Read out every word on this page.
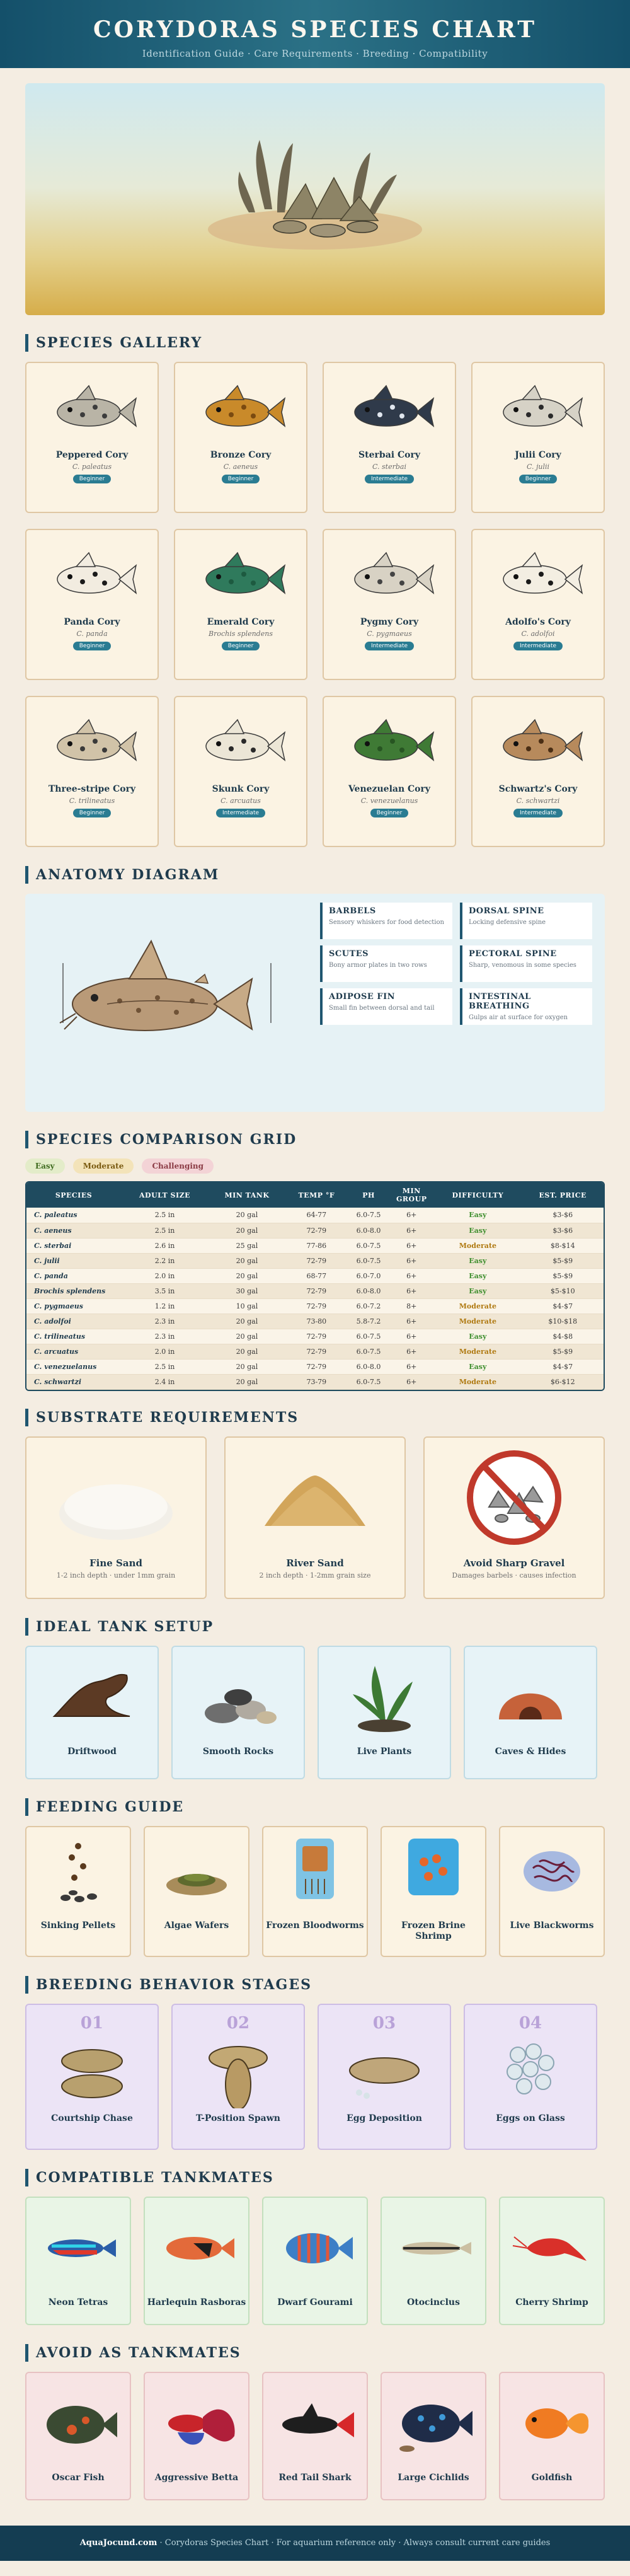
CORYDORAS SPECIES CHART
Identification Guide · Care Requirements · Breeding · Compatibility
SPECIES GALLERY
Peppered Cory
C. paleatus
Beginner
Bronze Cory
C. aeneus
Beginner
Sterbai Cory
C. sterbai
Intermediate
Julii Cory
C. julii
Beginner
Panda Cory
C. panda
Beginner
Emerald Cory
Brochis splendens
Beginner
Pygmy Cory
C. pygmaeus
Intermediate
Adolfo's Cory
C. adolfoi
Intermediate
Three-stripe Cory
C. trilineatus
Beginner
Skunk Cory
C. arcuatus
Intermediate
Venezuelan Cory
C. venezuelanus
Beginner
Schwartz's Cory
C. schwartzi
Intermediate
ANATOMY DIAGRAM
BARBELS
Sensory whiskers for food detection
DORSAL SPINE
Locking defensive spine
SCUTES
Bony armor plates in two rows
PECTORAL SPINE
Sharp, venomous in some species
ADIPOSE FIN
Small fin between dorsal and tail
INTESTINAL BREATHING
Gulps air at surface for oxygen
SPECIES COMPARISON GRID
Easy	Moderate	Challenging
SPECIES	ADULT SIZE	MIN TANK	TEMP °F	PH	MIN GROUP	DIFFICULTY	EST. PRICE
C. paleatus	2.5 in	20 gal	64-77	6.0-7.5	6+	Easy	$3-$6
C. aeneus	2.5 in	20 gal	72-79	6.0-8.0	6+	Easy	$3-$6
C. sterbai	2.6 in	25 gal	77-86	6.0-7.5	6+	Moderate	$8-$14
C. julii	2.2 in	20 gal	72-79	6.0-7.5	6+	Easy	$5-$9
C. panda	2.0 in	20 gal	68-77	6.0-7.0	6+	Easy	$5-$9
Brochis splendens	3.5 in	30 gal	72-79	6.0-8.0	6+	Easy	$5-$10
C. pygmaeus	1.2 in	10 gal	72-79	6.0-7.2	8+	Moderate	$4-$7
C. adolfoi	2.3 in	20 gal	73-80	5.8-7.2	6+	Moderate	$10-$18
C. trilineatus	2.3 in	20 gal	72-79	6.0-7.5	6+	Easy	$4-$8
C. arcuatus	2.0 in	20 gal	72-79	6.0-7.5	6+	Moderate	$5-$9
C. venezuelanus	2.5 in	20 gal	72-79	6.0-8.0	6+	Easy	$4-$7
C. schwartzi	2.4 in	20 gal	73-79	6.0-7.5	6+	Moderate	$6-$12
SUBSTRATE REQUIREMENTS
Fine Sand
1-2 inch depth · under 1mm grain
River Sand
2 inch depth · 1-2mm grain size
Avoid Sharp Gravel
Damages barbels · causes infection
IDEAL TANK SETUP
Driftwood	Smooth Rocks	Live Plants	Caves & Hides
FEEDING GUIDE
Sinking Pellets	Algae Wafers	Frozen Bloodworms	Frozen Brine Shrimp
Live Blackworms
BREEDING BEHAVIOR STAGES
01
Courtship Chase
02
T-Position Spawn
03
Egg Deposition
04
Eggs on Glass
COMPATIBLE TANKMATES
Neon Tetras	Harlequin Rasboras	Dwarf Gourami	Otocinclus	Cherry Shrimp
AVOID AS TANKMATES
Oscar Fish	Aggressive Betta	Red Tail Shark	Large Cichlids	Goldfish
AquaJocund.com · Corydoras Species Chart · For aquarium reference only · Always consult current care guides
